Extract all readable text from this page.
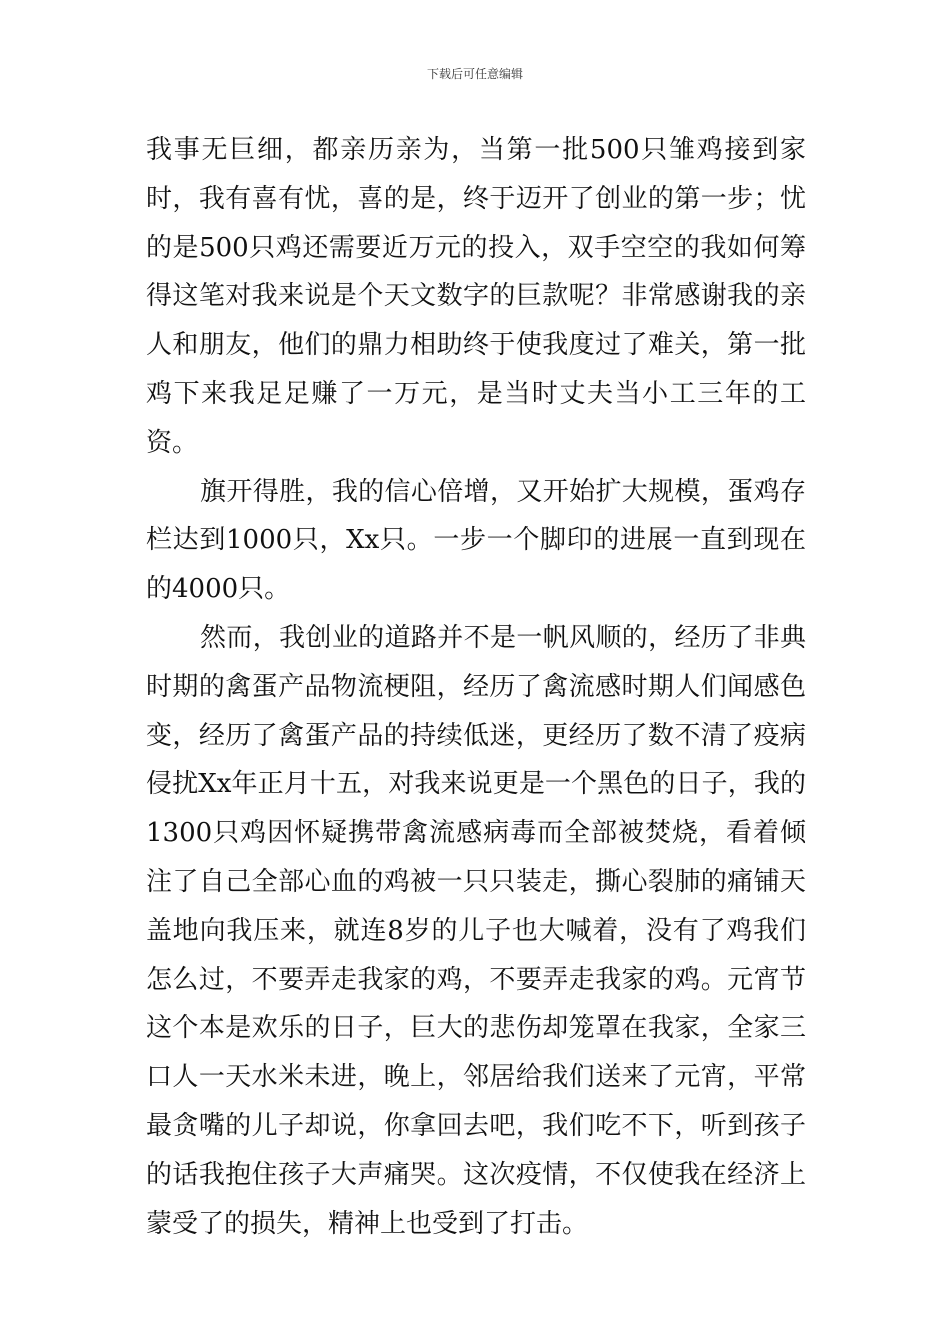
下载后可任意编辑

我事无巨细，都亲历亲为，当第一批500只雏鸡接到家时，我有喜有忧，喜的是，终于迈开了创业的第一步；忧的是500只鸡还需要近万元的投入，双手空空的我如何筹得这笔对我来说是个天文数字的巨款呢？非常感谢我的亲人和朋友，他们的鼎力相助终于使我度过了难关，第一批鸡下来我足足赚了一万元，是当时丈夫当小工三年的工资。

旗开得胜，我的信心倍增，又开始扩大规模，蛋鸡存栏达到1000只，Xx只。一步一个脚印的进展一直到现在的4000只。

然而，我创业的道路并不是一帆风顺的，经历了非典时期的禽蛋产品物流梗阻，经历了禽流感时期人们闻感色变，经历了禽蛋产品的持续低迷，更经历了数不清了疫病侵扰Xx年正月十五，对我来说更是一个黑色的日子，我的1300只鸡因怀疑携带禽流感病毒而全部被焚烧，看着倾注了自己全部心血的鸡被一只只装走，撕心裂肺的痛铺天盖地向我压来，就连8岁的儿子也大喊着，没有了鸡我们怎么过，不要弄走我家的鸡，不要弄走我家的鸡。元宵节这个本是欢乐的日子，巨大的悲伤却笼罩在我家，全家三口人一天水米未进，晚上，邻居给我们送来了元宵，平常最贪嘴的儿子却说，你拿回去吧，我们吃不下，听到孩子的话我抱住孩子大声痛哭。这次疫情，不仅使我在经济上蒙受了的损失，精神上也受到了打击。
